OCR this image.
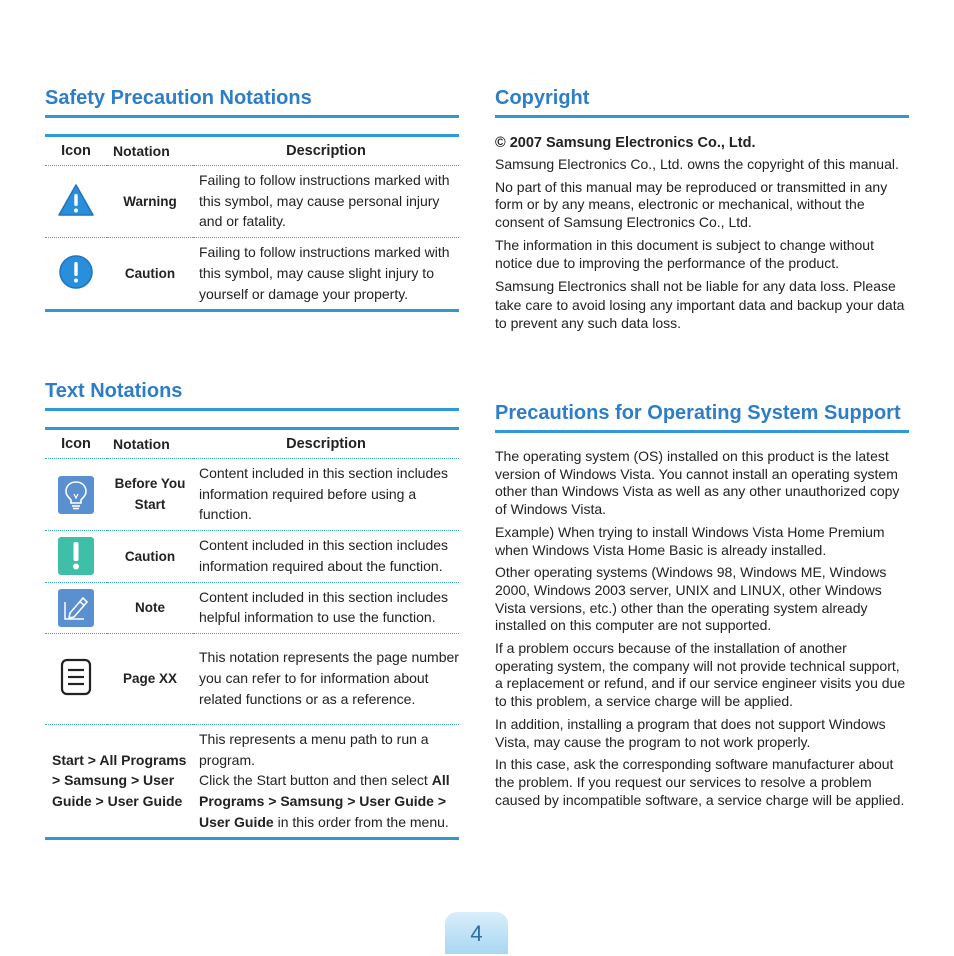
Safety Precaution Notations
Icon	Notation	Description
	Warning	Failing to follow instructions marked with this symbol, may cause personal injury and or fatality.
	Caution	Failing to follow instructions marked with this symbol, may cause slight injury to yourself or damage your property.
Text Notations
Icon	Notation	Description

	Before You Start	Content included in this section includes information required before using a function.

	Caution	Content included in this section includes information required about the function.

	Note	Content included in this section includes helpful information to use the function.
	Page XX	This notation represents the page number you can refer to for information about related functions or as a reference.
Start > All Programs > Samsung > User Guide > User Guide		This represents a menu path to run a program.
Click the Start button and then select All Programs > Samsung > User Guide > User Guide in this order from the menu.
Copyright
© 2007 Samsung Electronics Co., Ltd.

Samsung Electronics Co., Ltd. owns the copyright of this manual.

No part of this manual may be reproduced or transmitted in any form or by any means, electronic or mechanical, without the consent of Samsung Electronics Co., Ltd.

The information in this document is subject to change without notice due to improving the performance of the product.

Samsung Electronics shall not be liable for any data loss. Please take care to avoid losing any important data and backup your data to prevent any such data loss.

Precautions for Operating System Support

The operating system (OS) installed on this product is the latest version of Windows Vista. You cannot install an operating system other than Windows Vista as well as any other unauthorized copy of Windows Vista.

Example) When trying to install Windows Vista Home Premium when Windows Vista Home Basic is already installed.

Other operating systems (Windows 98, Windows ME, Windows 2000, Windows 2003 server, UNIX and LINUX, other Windows Vista versions, etc.) other than the operating system already installed on this computer are not supported.

If a problem occurs because of the installation of another operating system, the company will not provide technical support, a replacement or refund, and if our service engineer visits you due to this problem, a service charge will be applied.

In addition, installing a program that does not support Windows Vista, may cause the program to not work properly.

In this case, ask the corresponding software manufacturer about the problem. If you request our services to resolve a problem caused by incompatible software, a service charge will be applied.

4
